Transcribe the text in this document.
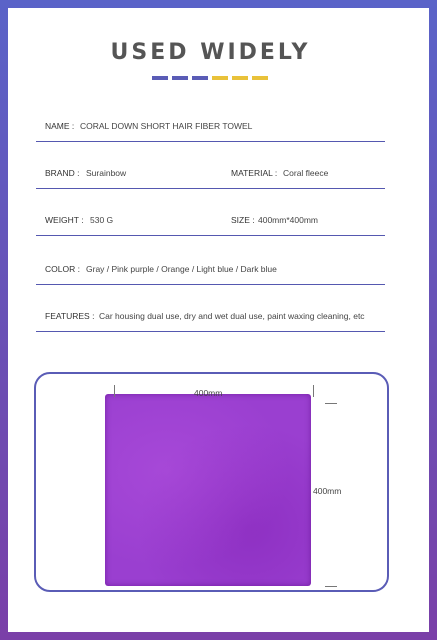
USED WIDELY
NAME : CORAL DOWN SHORT HAIR FIBER TOWEL
BRAND : Surainbow	MATERIAL : Coral fleece
WEIGHT : 530 G	SIZE : 400mm*400mm
COLOR : Gray / Pink purple / Orange / Light blue / Dark blue
FEATURES : Car housing dual use, dry and wet dual use, paint waxing cleaning, etc
400mm
400mm
